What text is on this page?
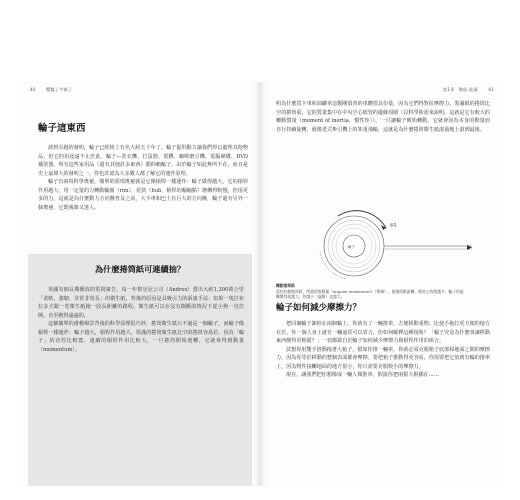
40 驚豔了牛頓了
輪子這東西

談到卓越的發明，輪子已經榜上有名大約五千年了。輪子提供動力讓我們得以處理其他物品，但它的用途遠不止於此。輪子—洗衣機、打蛋器、電鑽、咖啡磨豆機、電腦硬碟、DVD播放器，所有這些家用品（還有其他許多東西）都仰賴輪子，由於輪子如此無所不在，而且是史上最偉大的發明之一，你也許認為大多數人都了解它的運作原理。

輪子有兩項科學奧祕，簡單的那項奧祕就是它像槓桿一樣運作：輪子做得越大，它的槓桿作用越大，用一定量的力轉動輪圈（rim），花鼓（hub，槓桿的輻軸點）磨轉得較慢，但用更多的力。這就是為什麼動力方向盤普及之前，大卡車和巴士有巨大的方向盤，輪子還有另外一個奧祕，它既複雜又迷人。

為什麼捲筒紙可連續抽？

英國有個長期播放的電視廣告，每一年幫皇冠公司（Andrex）賣出大約1,300萬公里「柔軟、強韌、非常非常長」的衛生紙，背後的原因是具吸引力的訴諸手法：如果一隻拉布拉多犬跟一卷衛生紙跑一段長距離的路程，衛生紙可以在沒有撕斷的情況下從小狗一直拉開，直至跑得遠遠的。

這個簡單的滑稽場景背後的科學原理很巧妙，捲筒衛生紙只不過是一個輪子，而輪子像槓桿一樣運作：輪子越大，槓桿作用越大。裝滿的捲筒衛生紙比空的捲筒容易拉，因為「輪子」的直徑比較寬，連續的槓桿作用比較大，一旦捲筒開始迴轉，它就會得到動量（momentum）。

第1章　 動能·能量 41

明為什麼貨卡車和油罐車這類剛偵查的車體很具份量，因為它們得對抗摩擦力，裝滿紙的捲筒比空的捲筒重，它的質量集中在中央空心紙管的邊緣周圍（以科學術語來說明，這就是它有較大的轉動慣量（moment of inertia，慣性矩））。一旦讓輪子開始轉動，它就會因為本身的動量而自行持續旋轉，就像老式牽引機上的笨重飛輪，這就是為什麼捲筒衛生紙滾過地上滾到最後。

輪子
動量
轉動捲筒紙
當你拉動捲筒時，所謂的角動量（angular momentum）（實線），使捲筒紙旋轉，捲筒上的紙越多，輪子的旋轉慣性就越大，你越小（虛線）也越大。
輪子如何減少摩擦力？

把同個輪子卸掉在兩個輪上，你就有了一輛推車，方便移動重物。比使手拖拉更方便的地方在於，你一個人身上就有一輛通常可以省力，但如何解釋這種現象？「輪子究竟為什麼會讓移動東西變得更輕鬆？」一切都源自於輪子如何減少摩擦力與槓桿作用的組合。

試想你用雙手推動拖著大箱子，假如你推一輛車，你就必須克服箱子底部和地面之間的摩擦力，因為你等於移動的整個表面都會摩擦。要把箱子推動得更容易，你需要把它放到有輪的推車上，因為物件接觸地面的地方很小，你只需要克服較小的摩擦力。

現在，讓我們把你想像成一輛人類推車，假設你把兩根大棍插在……
